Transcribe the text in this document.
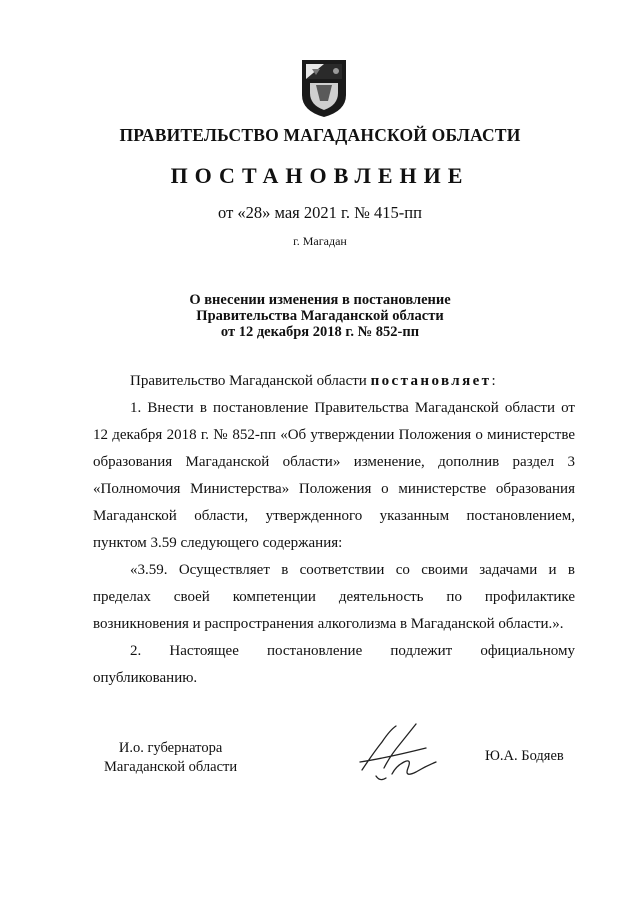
ПРАВИТЕЛЬСТВО МАГАДАНСКОЙ ОБЛАСТИ
ПОСТАНОВЛЕНИЕ
от «28» мая 2021 г. № 415-пп
г. Магадан
О внесении изменения в постановление
Правительства Магаданской области
от 12 декабря 2018 г. № 852-пп

Правительство Магаданской области постановляет:

1. Внести в постановление Правительства Магаданской области от 12 декабря 2018 г. № 852-пп «Об утверждении Положения о министерстве образования Магаданской области» изменение, дополнив раздел 3 «Полномочия Министерства» Положения о министерстве образования Магаданской области, утвержденного указанным постановлением, пунктом 3.59 следующего содержания:

«3.59. Осуществляет в соответствии со своими задачами и в пределах своей компетенции деятельность по профилактике возникновения и распространения алкоголизма в Магаданской области.».

2. Настоящее постановление подлежит официальному

опубликованию.

И.о. губернатора
Магаданской области
Ю.А. Бодяев
